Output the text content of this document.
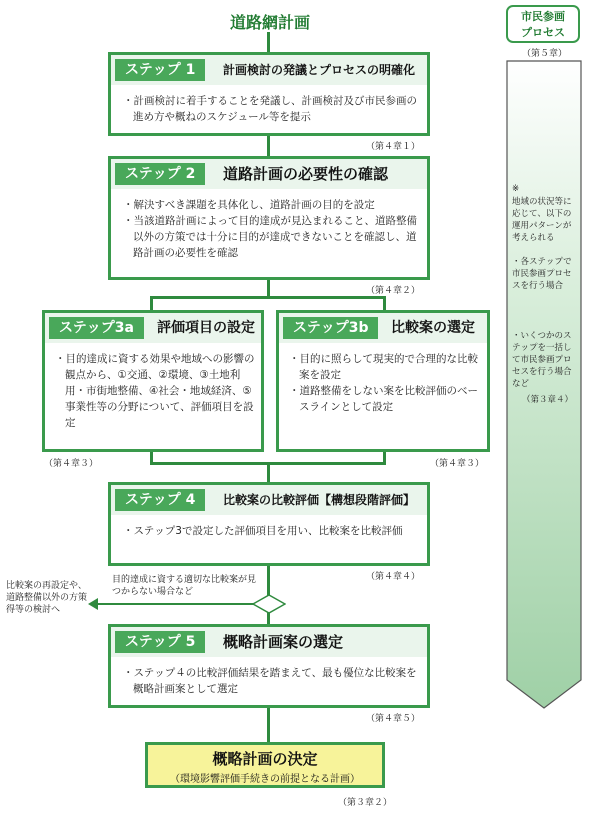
道路網計画
ステップ 1	計画検討の発議とプロセスの明確化

・計画検討に着手することを発議し、計画検討及び市民参画の進め方や概ねのスケジュール等を提示

（第４章１）
ステップ 2	道路計画の必要性の確認

・解決すべき課題を具体化し、道路計画の目的を設定

・当該道路計画によって目的達成が見込まれること、道路整備以外の方策では十分に目的が達成できないことを確認し、道路計画の必要性を確認

（第４章２）
ステップ3a	評価項目の設定

・目的達成に資する効果や地域への影響の観点から、①交通、②環境、③土地利用・市街地整備、④社会・地域経済、⑤事業性等の分野について、評価項目を設定

（第４章３）
ステップ3b	比較案の選定

・目的に照らして現実的で合理的な比較案を設定

・道路整備をしない案を比較評価のベースラインとして設定

（第４章３）
ステップ 4	比較案の比較評価【構想段階評価】

・ステップ3で設定した評価項目を用い、比較案を比較評価

（第４章４）
目的達成に資する適切な比較案が見つからない場合など
比較案の再設定や、道路整備以外の方策得等の検討へ
ステップ 5	概略計画案の選定

・ステップ４の比較評価結果を踏まえて、最も優位な比較案を概略計画案として選定

（第４章５）
概略計画の決定
（環境影響評価手続きの前提となる計画）
（第３章２）
市民参画
プロセス
（第５章）
※
地域の状況等に応じて、以下の運用パターンが考えられる
・各ステップで市民参画プロセスを行う場合
・いくつかのステップを一括して市民参画プロセスを行う場合など
（第３章４）
